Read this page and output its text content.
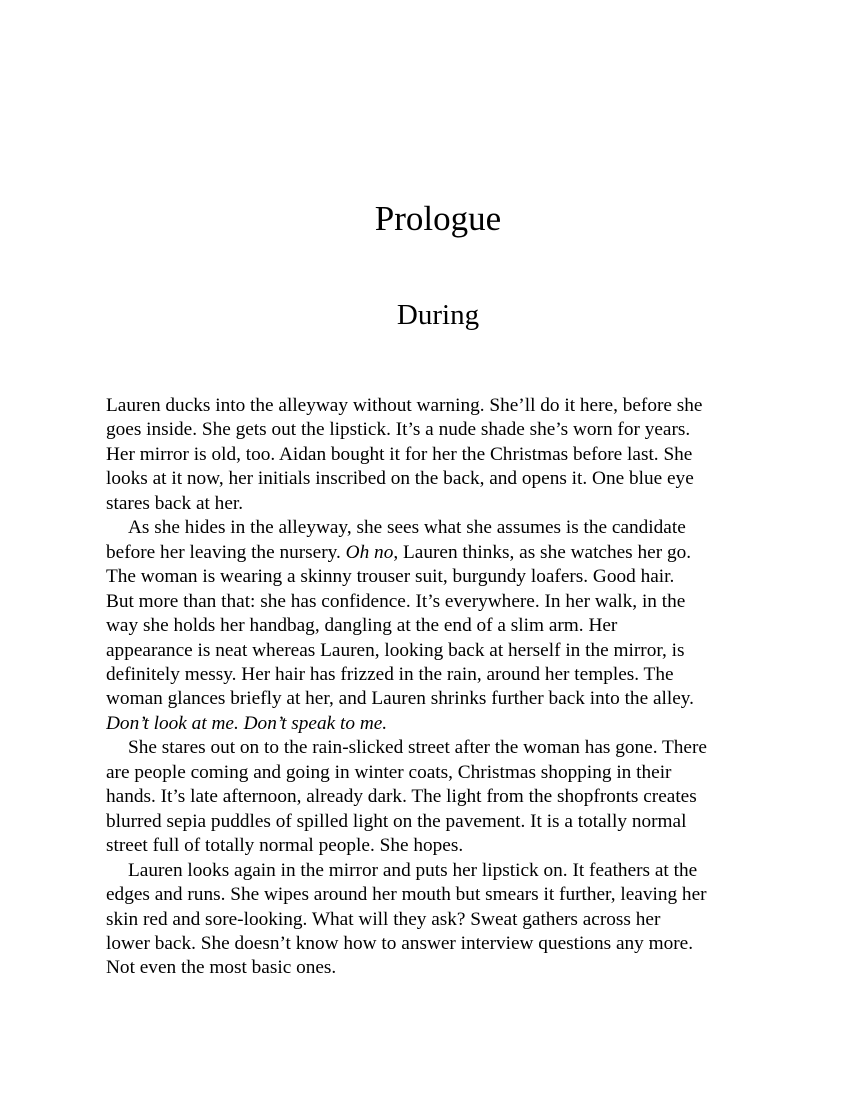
Prologue
During
Lauren ducks into the alleyway without warning. She’ll do it here, before she
goes inside. She gets out the lipstick. It’s a nude shade she’s worn for years.
Her mirror is old, too. Aidan bought it for her the Christmas before last. She
looks at it now, her initials inscribed on the back, and opens it. One blue eye
stares back at her.
As she hides in the alleyway, she sees what she assumes is the candidate
before her leaving the nursery. Oh no, Lauren thinks, as she watches her go.
The woman is wearing a skinny trouser suit, burgundy loafers. Good hair.
But more than that: she has confidence. It’s everywhere. In her walk, in the
way she holds her handbag, dangling at the end of a slim arm. Her
appearance is neat whereas Lauren, looking back at herself in the mirror, is
definitely messy. Her hair has frizzed in the rain, around her temples. The
woman glances briefly at her, and Lauren shrinks further back into the alley.
Don’t look at me. Don’t speak to me.
She stares out on to the rain-slicked street after the woman has gone. There
are people coming and going in winter coats, Christmas shopping in their
hands. It’s late afternoon, already dark. The light from the shopfronts creates
blurred sepia puddles of spilled light on the pavement. It is a totally normal
street full of totally normal people. She hopes.
Lauren looks again in the mirror and puts her lipstick on. It feathers at the
edges and runs. She wipes around her mouth but smears it further, leaving her
skin red and sore-looking. What will they ask? Sweat gathers across her
lower back. She doesn’t know how to answer interview questions any more.
Not even the most basic ones.
